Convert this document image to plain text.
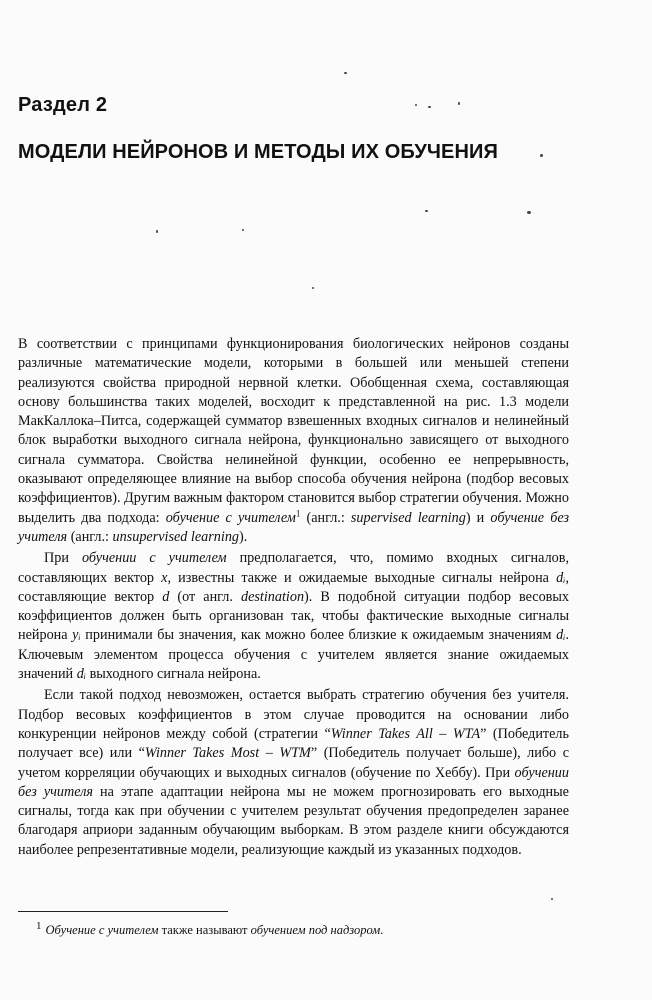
Раздел 2
МОДЕЛИ НЕЙРОНОВ И МЕТОДЫ ИХ ОБУЧЕНИЯ

В соответствии с принципами функционирования биологических нейронов созданы различные математические модели, которыми в большей или меньшей степени реализуются свойства природной нервной клетки. Обобщенная схема, составляющая основу большинства таких моделей, восходит к представленной на рис. 1.3 модели МакКаллока–Питса, содержащей сумматор взвешенных входных сигналов и нелинейный блок выработки выходного сигнала нейрона, функционально зависящего от выходного сигнала сумматора. Свойства нелинейной функции, особенно ее непрерывность, оказывают определяющее влияние на выбор способа обучения нейрона (подбор весовых коэффициентов). Другим важным фактором становится выбор стратегии обучения. Можно выделить два подхода: обучение с учителем$^1$ (англ.: supervised learning) и обучение без учителя (англ.: unsupervised learning).

При обучении с учителем предполагается, что, помимо входных сигналов, составляющих вектор x, известны также и ожидаемые выходные сигналы нейрона dᵢ, составляющие вектор d (от англ. destination). В подобной ситуации подбор весовых коэффициентов должен быть организован так, чтобы фактические выходные сигналы нейрона yᵢ принимали бы значения, как можно более близкие к ожидаемым значениям dᵢ. Ключевым элементом процесса обучения с учителем является знание ожидаемых значений dᵢ выходного сигнала нейрона.

Если такой подход невозможен, остается выбрать стратегию обучения без учителя. Подбор весовых коэффициентов в этом случае проводится на основании либо конкуренции нейронов между собой (стратегии “Winner Takes All – WTA” (Победитель получает все) или “Winner Takes Most – WTM” (Победитель получает больше), либо с учетом корреляции обучающих и выходных сигналов (обучение по Хеббу). При обучении без учителя на этапе адаптации нейрона мы не можем прогнозировать его выходные сигналы, тогда как при обучении с учителем результат обучения предопределен заранее благодаря априори заданным обучающим выборкам. В этом разделе книги обсуждаются наиболее репрезентативные модели, реализующие каждый из указанных подходов.

1 Обучение с учителем также называют обучением под надзором.
